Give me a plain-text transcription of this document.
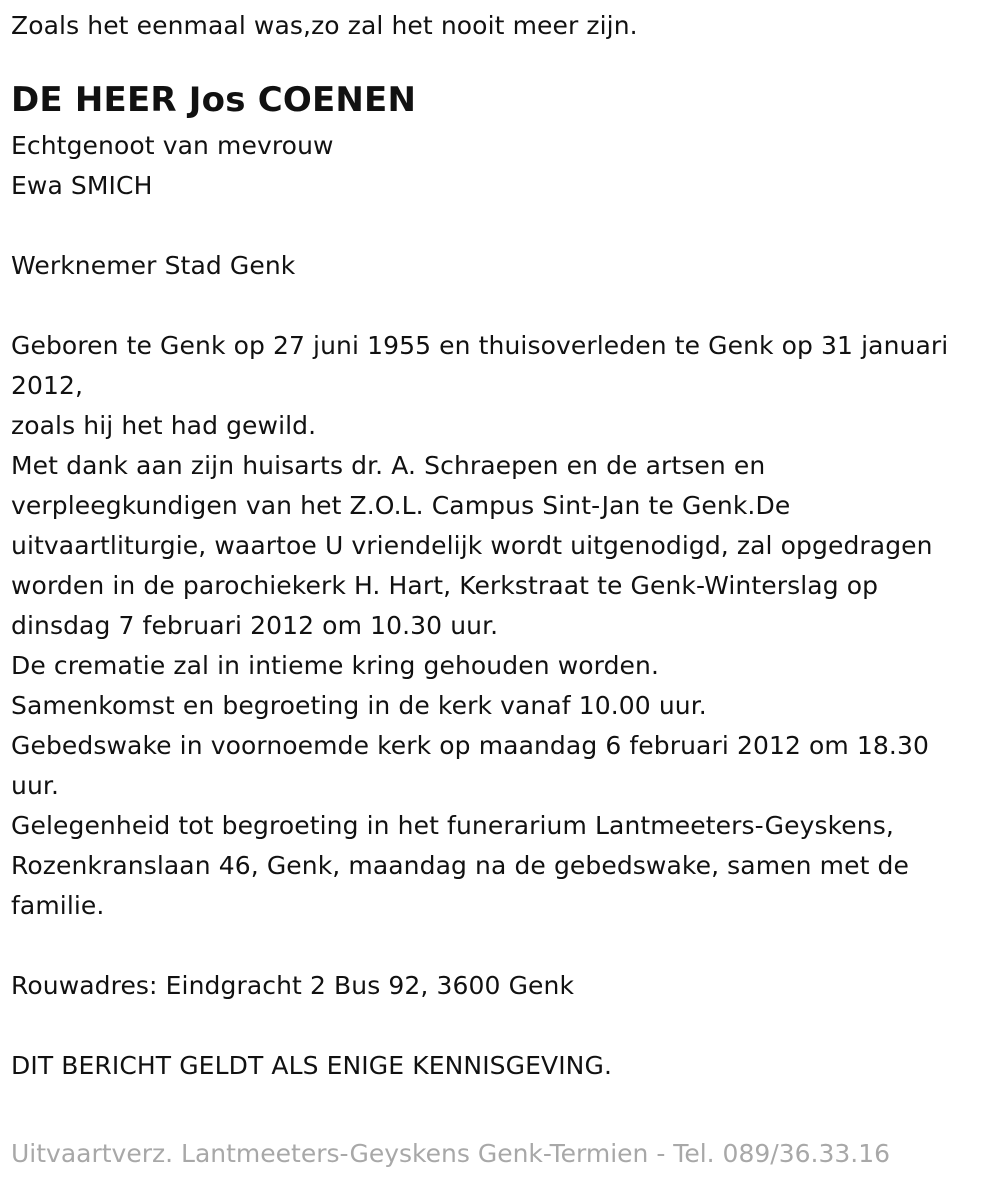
Zoals het eenmaal was,zo zal het nooit meer zijn.
DE HEER Jos COENEN
Echtgenoot van mevrouw
Ewa SMICH
Werknemer Stad Genk
Geboren te Genk op 27 juni 1955 en thuisoverleden te Genk op 31 januari
2012,
zoals hij het had gewild.
Met dank aan zijn huisarts dr. A. Schraepen en de artsen en
verpleegkundigen van het Z.O.L. Campus Sint-Jan te Genk.De
uitvaartliturgie, waartoe U vriendelijk wordt uitgenodigd, zal opgedragen
worden in de parochiekerk H. Hart, Kerkstraat te Genk-Winterslag op
dinsdag 7 februari 2012 om 10.30 uur.
De crematie zal in intieme kring gehouden worden.
Samenkomst en begroeting in de kerk vanaf 10.00 uur.
Gebedswake in voornoemde kerk op maandag 6 februari 2012 om 18.30
uur.
Gelegenheid tot begroeting in het funerarium Lantmeeters-Geyskens,
Rozenkranslaan 46, Genk, maandag na de gebedswake, samen met de
familie.
Rouwadres: Eindgracht 2 Bus 92, 3600 Genk
DIT BERICHT GELDT ALS ENIGE KENNISGEVING.
Uitvaartverz. Lantmeeters-Geyskens Genk-Termien - Tel. 089/36.33.16
